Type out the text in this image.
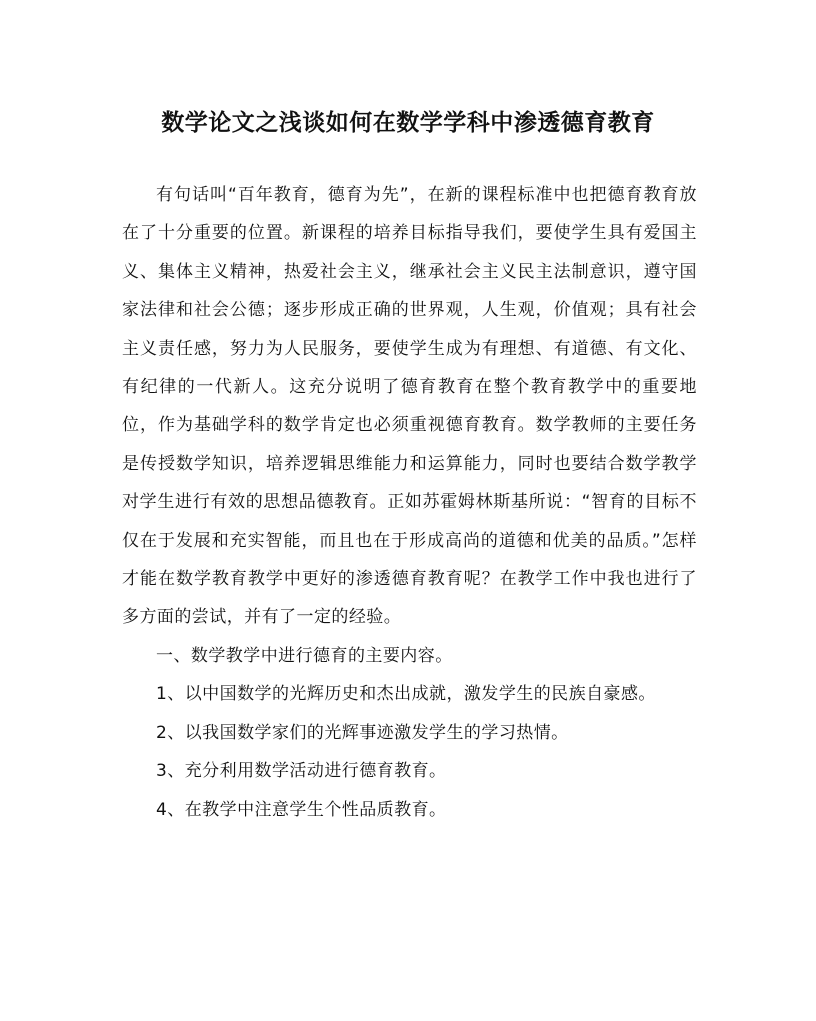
数学论文之浅谈如何在数学学科中渗透德育教育

有句话叫“百年教育，德育为先”，在新的课程标准中也把德育教育放在了十分重要的位置。新课程的培养目标指导我们，要使学生具有爱国主义、集体主义精神，热爱社会主义，继承社会主义民主法制意识，遵守国家法律和社会公德；逐步形成正确的世界观，人生观，价值观；具有社会主义责任感，努力为人民服务，要使学生成为有理想、有道德、有文化、有纪律的一代新人。这充分说明了德育教育在整个教育教学中的重要地位，作为基础学科的数学肯定也必须重视德育教育。数学教师的主要任务是传授数学知识，培养逻辑思维能力和运算能力，同时也要结合数学教学对学生进行有效的思想品德教育。正如苏霍姆林斯基所说：“智育的目标不仅在于发展和充实智能，而且也在于形成高尚的道德和优美的品质。”怎样才能在数学教育教学中更好的渗透德育教育呢？在教学工作中我也进行了多方面的尝试，并有了一定的经验。

一、数学教学中进行德育的主要内容。

1、以中国数学的光辉历史和杰出成就，激发学生的民族自豪感。

2、以我国数学家们的光辉事迹激发学生的学习热情。

3、充分利用数学活动进行德育教育。

4、在教学中注意学生个性品质教育。
